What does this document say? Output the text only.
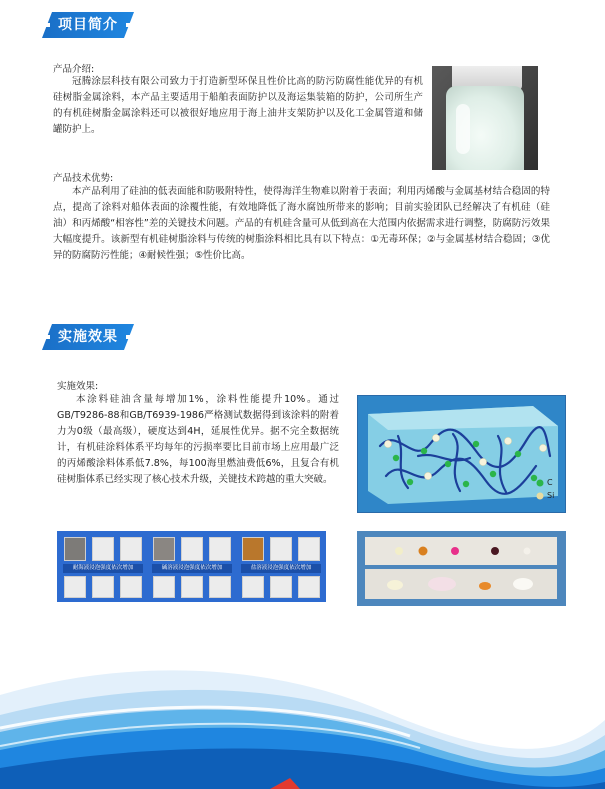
项目简介
产品介绍:
冠腾涂层科技有限公司致力于打造新型环保且性价比高的防污防腐性能优异的有机硅树脂金属涂料，本产品主要适用于船舶表面防护以及海运集装箱的防护，公司所生产的有机硅树脂金属涂料还可以被很好地应用于海上油井支架防护以及化工金属管道和储罐防护上。
产品技术优势:
本产品利用了硅油的低表面能和防吸附特性，使得海洋生物难以附着于表面；利用丙烯酸与金属基材结合稳固的特点，提高了涂料对船体表面的涂覆性能，有效地降低了海水腐蚀所带来的影响；目前实验团队已经解决了有机硅（硅油）和丙烯酸“相容性”差的关键技术问题。产品的有机硅含量可从低到高在大范围内依据需求进行调整，防腐防污效果大幅度提升。该新型有机硅树脂涂料与传统的树脂涂料相比具有以下特点：①无毒环保；②与金属基材结合稳固；③优异的防腐防污性能；④耐候性强；⑤性价比高。
实施效果
实施效果:
本涂料硅油含量每增加1%，涂料性能提升10%。通过GB/T9286-88和GB/T6939-1986严格测试数据得到该涂料的附着力为0级（最高级），硬度达到4H，延展性优异。据不完全数据统计，有机硅涂料体系平均每年的污损率要比目前市场上应用最广泛的丙烯酸涂料体系低7.8%，每100海里燃油费低6%，且复合有机硅树脂体系已经实现了核心技术升级，关键技术跨越的重大突破。	C
Si
耐海液浸泡强度依次增加	碱溶液浸泡强度依次增加	盐溶液浸泡强度依次增加
